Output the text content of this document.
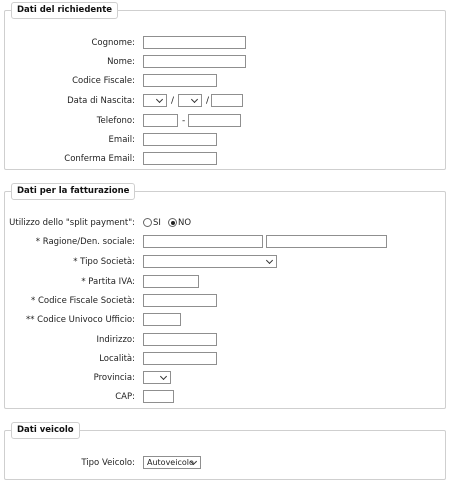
Dati del richiedente
Cognome:
Nome:
Codice Fiscale:
Data di Nascita:	/	/
Telefono:	-
Email:
Conferma Email:
Dati per la fatturazione
Utilizzo dello "split payment": SI NO
* Ragione/Den. sociale:
* Tipo Società:
* Partita IVA:
* Codice Fiscale Società:
** Codice Univoco Ufficio:
Indirizzo:
Località:
Provincia:
CAP:
Dati veicolo
Tipo Veicolo:	Autoveicolo
